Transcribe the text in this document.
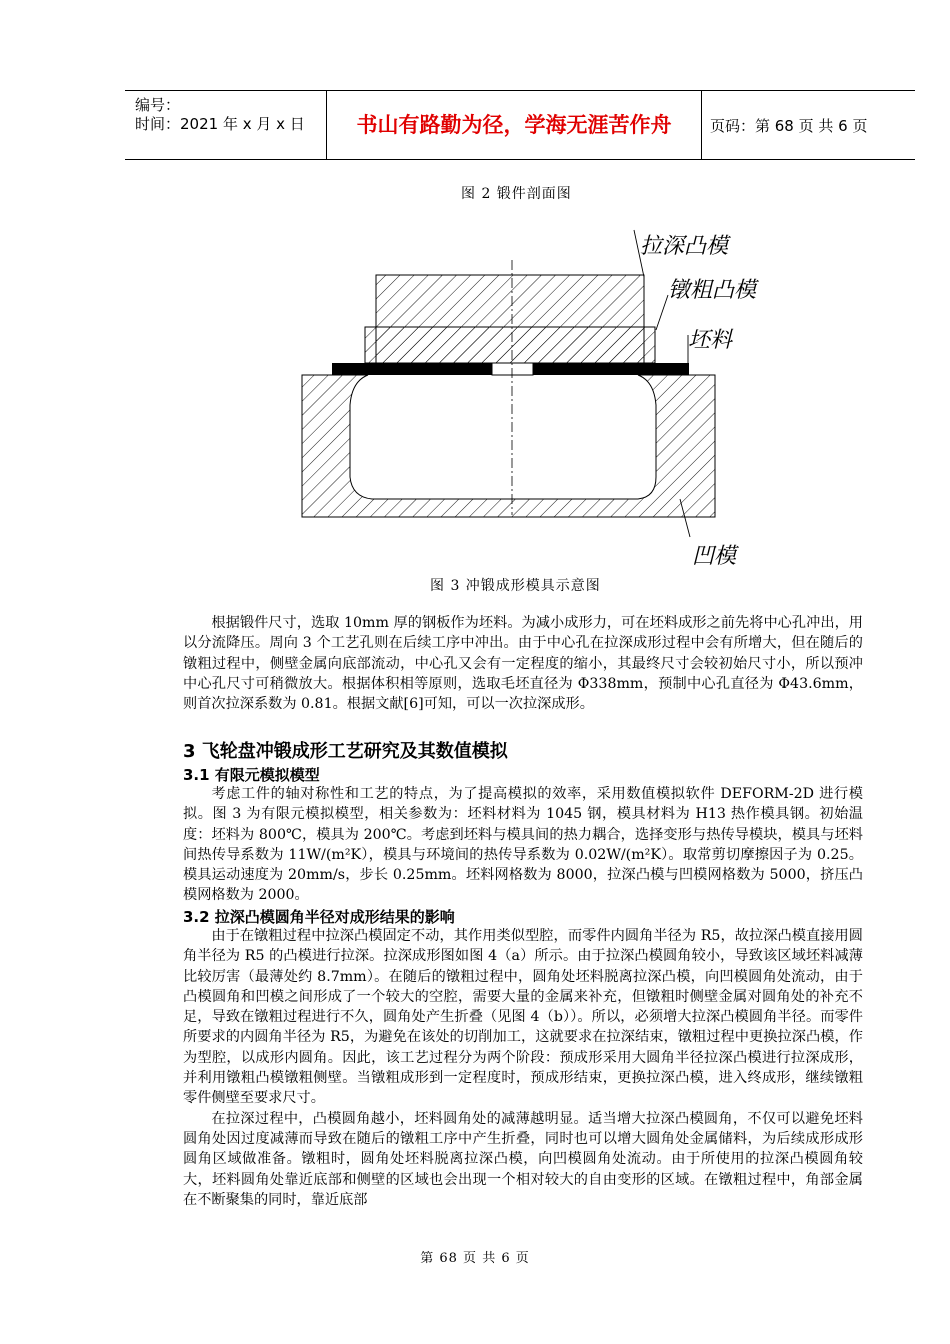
编号：
时间：2021 年 x 月 x 日	书山有路勤为径，学海无涯苦作舟	页码：第 68 页 共 6 页
图 2 锻件剖面图
拉深凸模
镦粗凸模
坯料
凹模
图 3 冲锻成形模具示意图

根据锻件尺寸，选取 10mm 厚的钢板作为坯料。为减小成形力，可在坯料成形之前先将中心孔冲出，用以分流降压。周向 3 个工艺孔则在后续工序中冲出。由于中心孔在拉深成形过程中会有所增大，但在随后的镦粗过程中，侧壁金属向底部流动，中心孔又会有一定程度的缩小，其最终尺寸会较初始尺寸小，所以预冲中心孔尺寸可稍微放大。根据体积相等原则，选取毛坯直径为 Φ338mm，预制中心孔直径为 Φ43.6mm，则首次拉深系数为 0.81。根据文献[6]可知，可以一次拉深成形。

3 飞轮盘冲锻成形工艺研究及其数值模拟
3.1 有限元模拟模型

考虑工件的轴对称性和工艺的特点，为了提高模拟的效率，采用数值模拟软件 DEFORM-2D 进行模拟。图 3 为有限元模拟模型，相关参数为：坯料材料为 1045 钢，模具材料为 H13 热作模具钢。初始温度：坯料为 800℃，模具为 200℃。考虑到坯料与模具间的热力耦合，选择变形与热传导模块，模具与坯料间热传导系数为 11W/(m²K），模具与环境间的热传导系数为 0.02W/(m²K）。取常剪切摩擦因子为 0.25。模具运动速度为 20mm/s，步长 0.25mm。坯料网格数为 8000，拉深凸模与凹模网格数为 5000，挤压凸模网格数为 2000。

3.2 拉深凸模圆角半径对成形结果的影响

由于在镦粗过程中拉深凸模固定不动，其作用类似型腔，而零件内圆角半径为 R5，故拉深凸模直接用圆角半径为 R5 的凸模进行拉深。拉深成形图如图 4（a）所示。由于拉深凸模圆角较小，导致该区域坯料减薄比较厉害（最薄处约 8.7mm）。在随后的镦粗过程中，圆角处坯料脱离拉深凸模，向凹模圆角处流动，由于凸模圆角和凹模之间形成了一个较大的空腔，需要大量的金属来补充，但镦粗时侧壁金属对圆角处的补充不足，导致在镦粗过程进行不久，圆角处产生折叠（见图 4（b））。所以，必须增大拉深凸模圆角半径。而零件所要求的内圆角半径为 R5，为避免在该处的切削加工，这就要求在拉深结束，镦粗过程中更换拉深凸模，作为型腔，以成形内圆角。因此，该工艺过程分为两个阶段：预成形采用大圆角半径拉深凸模进行拉深成形，并利用镦粗凸模镦粗侧壁。当镦粗成形到一定程度时，预成形结束，更换拉深凸模，进入终成形，继续镦粗零件侧壁至要求尺寸。

在拉深过程中，凸模圆角越小，坯料圆角处的减薄越明显。适当增大拉深凸模圆角，不仅可以避免坯料圆角处因过度减薄而导致在随后的镦粗工序中产生折叠，同时也可以增大圆角处金属储料，为后续成形成形圆角区域做准备。镦粗时，圆角处坯料脱离拉深凸模，向凹模圆角处流动。由于所使用的拉深凸模圆角较大，坯料圆角处靠近底部和侧壁的区域也会出现一个相对较大的自由变形的区域。在镦粗过程中，角部金属在不断聚集的同时，靠近底部

第 68 页 共 6 页
